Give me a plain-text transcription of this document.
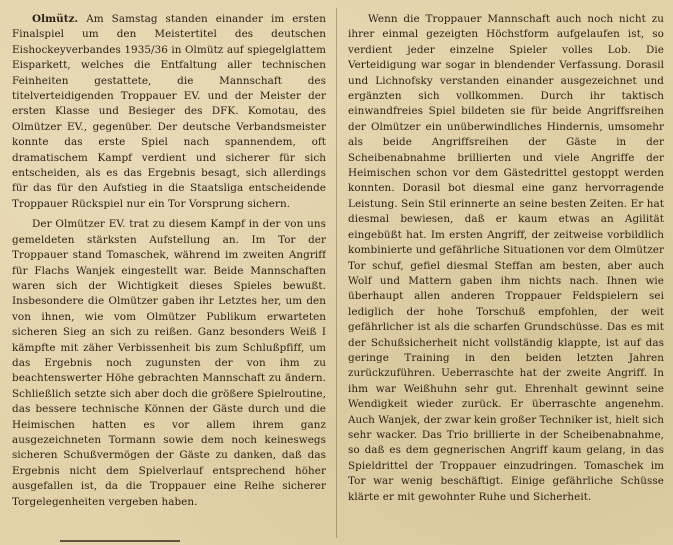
Olmütz. Am Samstag standen einander im ersten Finalspiel um den Meistertitel des deutschen Eishockeyverbandes 1935/36 in Olmütz auf spiegelglattem Eisparkett, welches die Entfaltung aller technischen Feinheiten gestattete, die Mannschaft des titelverteidigenden Troppauer EV. und der Meister der ersten Klasse und Besieger des DFK. Komotau, des Olmützer EV., gegenüber. Der deutsche Verbandsmeister konnte das erste Spiel nach spannendem, oft dramatischem Kampf verdient und sicherer für sich entscheiden, als es das Ergebnis besagt, sich allerdings für das für den Aufstieg in die Staatsliga entscheidende Troppauer Rückspiel nur ein Tor Vorsprung sichern.

Der Olmützer EV. trat zu diesem Kampf in der von uns gemeldeten stärksten Aufstellung an. Im Tor der Troppauer stand Tomaschek, während im zweiten Angriff für Flachs Wanjek eingestellt war. Beide Mannschaften waren sich der Wichtigkeit dieses Spieles bewußt. Insbesondere die Olmützer gaben ihr Letztes her, um den von ihnen, wie vom Olmützer Publikum erwarteten sicheren Sieg an sich zu reißen. Ganz besonders Weiß I kämpfte mit zäher Verbissenheit bis zum Schlußpfiff, um das Ergebnis noch zugunsten der von ihm zu beachtenswerter Höhe gebrachten Mannschaft zu ändern. Schließlich setzte sich aber doch die größere Spielroutine, das bessere technische Können der Gäste durch und die Heimischen hatten es vor allem ihrem ganz ausgezeichneten Tormann sowie dem noch keineswegs sicheren Schußvermögen der Gäste zu danken, daß das Ergebnis nicht dem Spielverlauf entsprechend höher ausgefallen ist, da die Troppauer eine Reihe sicherer Torgelegenheiten vergeben haben.

Wenn die Troppauer Mannschaft auch noch nicht zu ihrer einmal gezeigten Höchstform aufgelaufen ist, so verdient jeder einzelne Spieler volles Lob. Die Verteidigung war sogar in blendender Verfassung. Dorasil und Lichnofsky verstanden einander ausgezeichnet und ergänzten sich vollkommen. Durch ihr taktisch einwandfreies Spiel bildeten sie für beide Angriffsreihen der Olmützer ein unüberwindliches Hindernis, umsomehr als beide Angriffsreihen der Gäste in der Scheibenabnahme brillierten und viele Angriffe der Heimischen schon vor dem Gästedrittel gestoppt werden konnten. Dorasil bot diesmal eine ganz hervorragende Leistung. Sein Stil erinnerte an seine besten Zeiten. Er hat diesmal bewiesen, daß er kaum etwas an Agilität eingebüßt hat. Im ersten Angriff, der zeitweise vorbildlich kombinierte und gefährliche Situationen vor dem Olmützer Tor schuf, gefiel diesmal Steffan am besten, aber auch Wolf und Mattern gaben ihm nichts nach. Ihnen wie überhaupt allen anderen Troppauer Feldspielern sei lediglich der hohe Torschuß empfohlen, der weit gefährlicher ist als die scharfen Grundschüsse. Das es mit der Schußsicherheit nicht vollständig klappte, ist auf das geringe Training in den beiden letzten Jahren zurückzuführen. Ueberraschte hat der zweite Angriff. In ihm war Weißhuhn sehr gut. Ehrenhalt gewinnt seine Wendigkeit wieder zurück. Er überraschte angenehm. Auch Wanjek, der zwar kein großer Techniker ist, hielt sich sehr wacker. Das Trio brillierte in der Scheibenabnahme, so daß es dem gegnerischen Angriff kaum gelang, in das Spieldrittel der Troppauer einzudringen. Tomaschek im Tor war wenig beschäftigt. Einige gefährliche Schüsse klärte er mit gewohnter Ruhe und Sicherheit.
